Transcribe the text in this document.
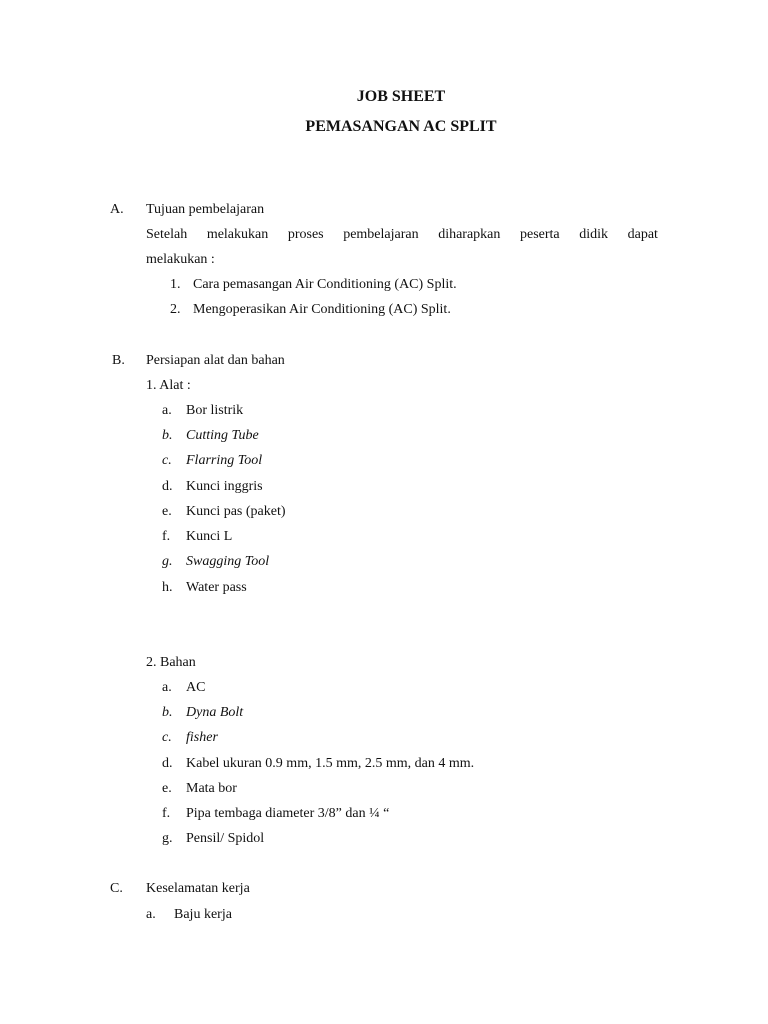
JOB SHEET
PEMASANGAN AC SPLIT
A. Tujuan pembelajaran
Setelah melakukan proses pembelajaran diharapkan peserta didik dapat
melakukan :
1. Cara pemasangan Air Conditioning (AC) Split.
2. Mengoperasikan Air Conditioning (AC) Split.
B. Persiapan alat dan bahan
1. Alat :
a. Bor listrik
b. Cutting Tube
c. Flarring Tool
d. Kunci inggris
e. Kunci pas (paket)
f. Kunci L
g. Swagging Tool
h. Water pass
2. Bahan
a. AC
b. Dyna Bolt
c. fisher
d. Kabel ukuran 0.9 mm, 1.5 mm, 2.5 mm, dan 4 mm.
e. Mata bor
f. Pipa tembaga diameter 3/8” dan ¼ “
g. Pensil/ Spidol
C. Keselamatan kerja
a. Baju kerja
